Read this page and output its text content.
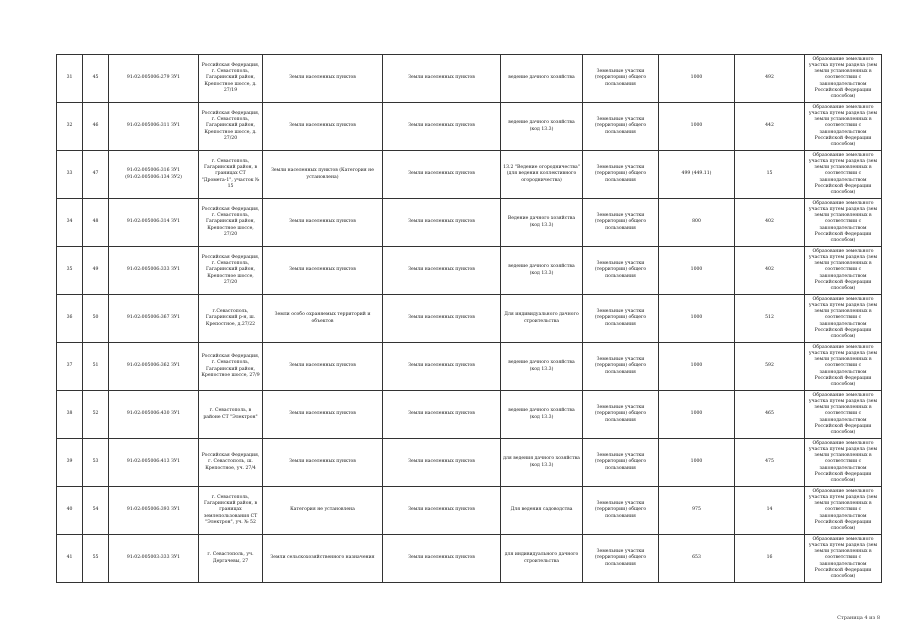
31	45	91:02:005006:279 ЗУ1	Российская Федерация, г. Севастополь, Гагаринский район, Крепостное шоссе, д. 27/19	Земли населенных пунктов	Земли населенных пунктов	ведение дачного хозяйства	Земельные участки (территории) общего пользования	1000	492	Образование земельного участка путем раздела (зем земли установленных в соответствии с законодательством Российской Федерации способом)
32	46	91:02:005006:311 ЗУ1	Российская Федерация, г. Севастополь, Гагаринский район, Крепостное шоссе, д. 27/20	Земли населенных пунктов	Земли населенных пунктов	ведение дачного хозяйства (код 13.3)	Земельные участки (территории) общего пользования	1000	442	Образование земельного участка путем раздела (зем земли установленных в соответствии с законодательством Российской Федерации способом)
33	47	91:02:005006:316 ЗУ1 (91:02:005006:134 ЗУ2)	г. Севастополь, Гагаринский район, в границах СТ "Дромета-1", участок № 15	Земли населенных пунктов (Категория не установлена)	Земли населенных пунктов	13.2 "Ведение огородничества" (для ведения коллективного огородничества)	Земельные участки (территории) общего пользования	499 (449.11)	15	Образование земельного участка путем раздела (зем земли установленных в соответствии с законодательством Российской Федерации способом)
34	48	91:02:005006:314 ЗУ1	Российская Федерация, г. Севастополь, Гагаринский район, Крепостное шоссе, 27/20	Земли населенных пунктов	Земли населенных пунктов	Ведение дачного хозяйства (код 13.3)	Земельные участки (территории) общего пользования	800	402	Образование земельного участка путем раздела (зем земли установленных в соответствии с законодательством Российской Федерации способом)
35	49	91:02:005006:333 ЗУ1	Российская Федерация, г. Севастополь, Гагаринский район, Крепостное шоссе, 27/20	Земли населенных пунктов	Земли населенных пунктов	ведение дачного хозяйства (код 13.3)	Земельные участки (территории) общего пользования	1000	402	Образование земельного участка путем раздела (зем земли установленных в соответствии с законодательством Российской Федерации способом)
36	50	91:02:005006:367 ЗУ1	г.Севастополь, Гагаринский р-н, ш. Крепостное, д.27/22	Земли особо охраняемых территорий и объектов	Земли населенных пунктов	Для индивидуального дачного строительства	Земельные участки (территории) общего пользования	1000	512	Образование земельного участка путем раздела (зем земли установленных в соответствии с законодательством Российской Федерации способом)
37	51	91:02:005006:362 ЗУ1	Российская Федерация, г. Севастополь, Гагаринский район, Крепостное шоссе, 27/9	Земли населенных пунктов	Земли населенных пунктов	ведение дачного хозяйства (код 13.3)	Земельные участки (территории) общего пользования	1000	592	Образование земельного участка путем раздела (зем земли установленных в соответствии с законодательством Российской Федерации способом)
38	52	91:02:005006:430 ЗУ1	г. Севастополь, в районе СТ "Электрон"	Земли населенных пунктов	Земли населенных пунктов	ведение дачного хозяйства (код 13.3)	Земельные участки (территории) общего пользования	1000	465	Образование земельного участка путем раздела (зем земли установленных в соответствии с законодательством Российской Федерации способом)
39	53	91:02:005006:413 ЗУ1	Российская Федерация, г. Севастополь, ш. Крепостное, уч. 27/4	Земли населенных пунктов	Земли населенных пунктов	для ведения дачного хозяйства (код 13.3)	Земельные участки (территории) общего пользования	1000	475	Образование земельного участка путем раздела (зем земли установленных в соответствии с законодательством Российской Федерации способом)
40	54	91:02:005006:393 ЗУ1	г. Севастополь, Гагаринский район, в границах землепользования СТ "Электрон", уч. № 52	Категория не установлена	Земли населенных пунктов	Для ведения садоводства	Земельные участки (территории) общего пользования	975	14	Образование земельного участка путем раздела (зем земли установленных в соответствии с законодательством Российской Федерации способом)
41	55	91:02:005003:333 ЗУ1	г. Севастополь, уч. Дергачевы, 27	Земли сельскохозяйственного назначения	Земли населенных пунктов	для индивидуального дачного строительства	Земельные участки (территории) общего пользования	653	16	Образование земельного участка путем раздела (зем земли установленных в соответствии с законодательством Российской Федерации способом)
Страница 4 из 8
